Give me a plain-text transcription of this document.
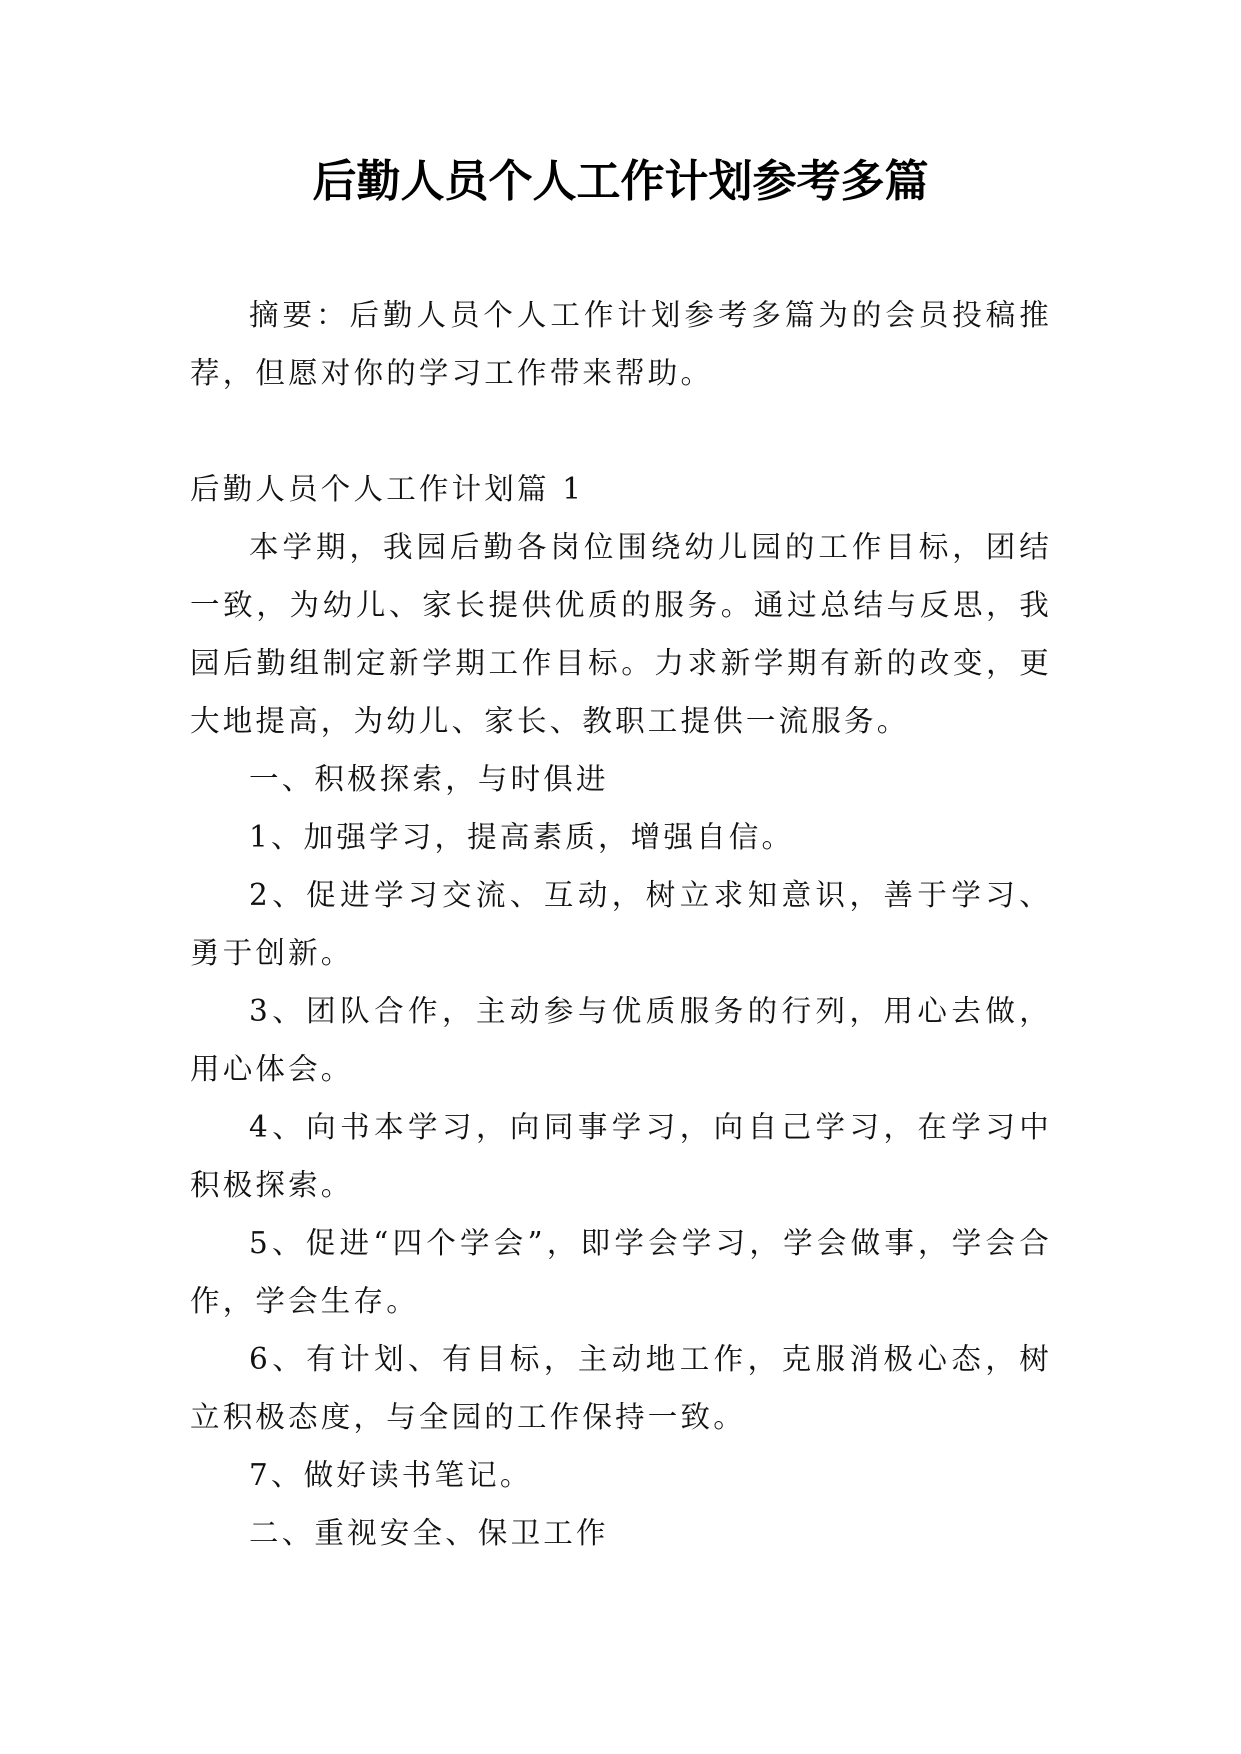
后勤人员个人工作计划参考多篇

摘要：后勤人员个人工作计划参考多篇为的会员投稿推荐，但愿对你的学习工作带来帮助。

后勤人员个人工作计划篇 1

本学期，我园后勤各岗位围绕幼儿园的工作目标，团结一致，为幼儿、家长提供优质的服务。通过总结与反思，我园后勤组制定新学期工作目标。力求新学期有新的改变，更大地提高，为幼儿、家长、教职工提供一流服务。

一、积极探索，与时俱进

1、加强学习，提高素质，增强自信。

2、促进学习交流、互动，树立求知意识，善于学习、勇于创新。

3、团队合作，主动参与优质服务的行列，用心去做，用心体会。

4、向书本学习，向同事学习，向自己学习，在学习中积极探索。

5、促进“四个学会”，即学会学习，学会做事，学会合作，学会生存。

6、有计划、有目标，主动地工作，克服消极心态，树立积极态度，与全园的工作保持一致。

7、做好读书笔记。

二、重视安全、保卫工作
